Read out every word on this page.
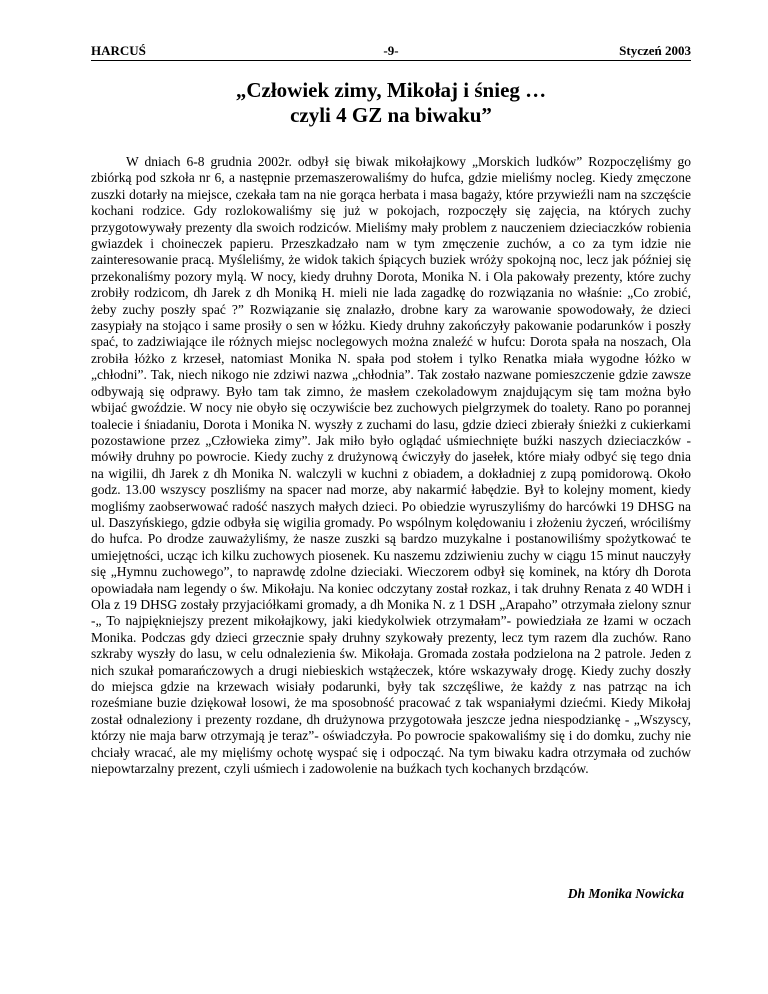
HARCUŚ	-9-	Styczeń 2003
„Człowiek zimy, Mikołaj i śnieg …
czyli 4 GZ na biwaku”

W dniach 6-8 grudnia 2002r. odbył się biwak mikołajkowy „Morskich ludków” Rozpoczęliśmy go zbiórką pod szkoła nr 6, a następnie przemaszerowaliśmy do hufca, gdzie mieliśmy nocleg. Kiedy zmęczone zuszki dotarły na miejsce, czekała tam na nie gorąca herbata i masa bagaży, które przywieźli nam na szczęście kochani rodzice. Gdy rozlokowaliśmy się już w pokojach, rozpoczęły się zajęcia, na których zuchy przygotowywały prezenty dla swoich rodziców. Mieliśmy mały problem z nauczeniem dzieciaczków robienia gwiazdek i choineczek papieru. Przeszkadzało nam w tym zmęczenie zuchów, a co za tym idzie nie zainteresowanie pracą. Myśleliśmy, że widok takich śpiących buziek wróży spokojną noc, lecz jak później się przekonaliśmy pozory mylą. W nocy, kiedy druhny Dorota, Monika N. i Ola pakowały prezenty, które zuchy zrobiły rodzicom, dh Jarek z dh Moniką H. mieli nie lada zagadkę do rozwiązania no właśnie: „Co zrobić, żeby zuchy poszły spać ?” Rozwiązanie się znalazło, drobne kary za warowanie spowodowały, że dzieci zasypiały na stojąco i same prosiły o sen w łóżku. Kiedy druhny zakończyły pakowanie podarunków i poszły spać, to zadziwiające ile różnych miejsc noclegowych można znaleźć w hufcu: Dorota spała na noszach, Ola zrobiła łóżko z krzeseł, natomiast Monika N. spała pod stołem i tylko Renatka miała wygodne łóżko w „chłodni”. Tak, niech nikogo nie zdziwi nazwa „chłodnia”. Tak zostało nazwane pomieszczenie gdzie zawsze odbywają się odprawy. Było tam tak zimno, że masłem czekoladowym znajdującym się tam można było wbijać gwoździe. W nocy nie obyło się oczywiście bez zuchowych pielgrzymek do toalety. Rano po porannej toalecie i śniadaniu, Dorota i Monika N. wyszły z zuchami do lasu, gdzie dzieci zbierały śnieżki z cukierkami pozostawione przez „Człowieka zimy”. Jak miło było oglądać uśmiechnięte buźki naszych dzieciaczków - mówiły druhny po powrocie. Kiedy zuchy z drużynową ćwiczyły do jasełek, które miały odbyć się tego dnia na wigilii, dh Jarek z dh Monika N. walczyli w kuchni z obiadem, a dokładniej z zupą pomidorową. Około godz. 13.00 wszyscy poszliśmy na spacer nad morze, aby nakarmić łabędzie. Był to kolejny moment, kiedy mogliśmy zaobserwować radość naszych małych dzieci. Po obiedzie wyruszyliśmy do harcówki 19 DHSG na ul. Daszyńskiego, gdzie odbyła się wigilia gromady. Po wspólnym kolędowaniu i złożeniu życzeń, wróciliśmy do hufca. Po drodze zauważyliśmy, że nasze zuszki są bardzo muzykalne i postanowiliśmy spożytkować te umiejętności, ucząc ich kilku zuchowych piosenek. Ku naszemu zdziwieniu zuchy w ciągu 15 minut nauczyły się „Hymnu zuchowego”, to naprawdę zdolne dzieciaki. Wieczorem odbył się kominek, na który dh Dorota opowiadała nam legendy o św. Mikołaju. Na koniec odczytany został rozkaz, i tak druhny Renata z 40 WDH i Ola z 19 DHSG zostały przyjaciółkami gromady, a dh Monika N. z 1 DSH „Arapaho” otrzymała zielony sznur -„ To najpiękniejszy prezent mikołajkowy, jaki kiedykolwiek otrzymałam”- powiedziała ze łzami w oczach Monika. Podczas gdy dzieci grzecznie spały druhny szykowały prezenty, lecz tym razem dla zuchów. Rano szkraby wyszły do lasu, w celu odnalezienia św. Mikołaja. Gromada została podzielona na 2 patrole. Jeden z nich szukał pomarańczowych a drugi niebieskich wstążeczek, które wskazywały drogę. Kiedy zuchy doszły do miejsca gdzie na krzewach wisiały podarunki, były tak szczęśliwe, że każdy z nas patrząc na ich roześmiane buzie dziękował losowi, że ma sposobność pracować z tak wspaniałymi dziećmi. Kiedy Mikołaj został odnaleziony i prezenty rozdane, dh drużynowa przygotowała jeszcze jedna niespodziankę - „Wszyscy, którzy nie maja barw otrzymają je teraz”- oświadczyła. Po powrocie spakowaliśmy się i do domku, zuchy nie chciały wracać, ale my mięliśmy ochotę wyspać się i odpocząć. Na tym biwaku kadra otrzymała od zuchów niepowtarzalny prezent, czyli uśmiech i zadowolenie na buźkach tych kochanych brzdąców.

Dh Monika Nowicka
